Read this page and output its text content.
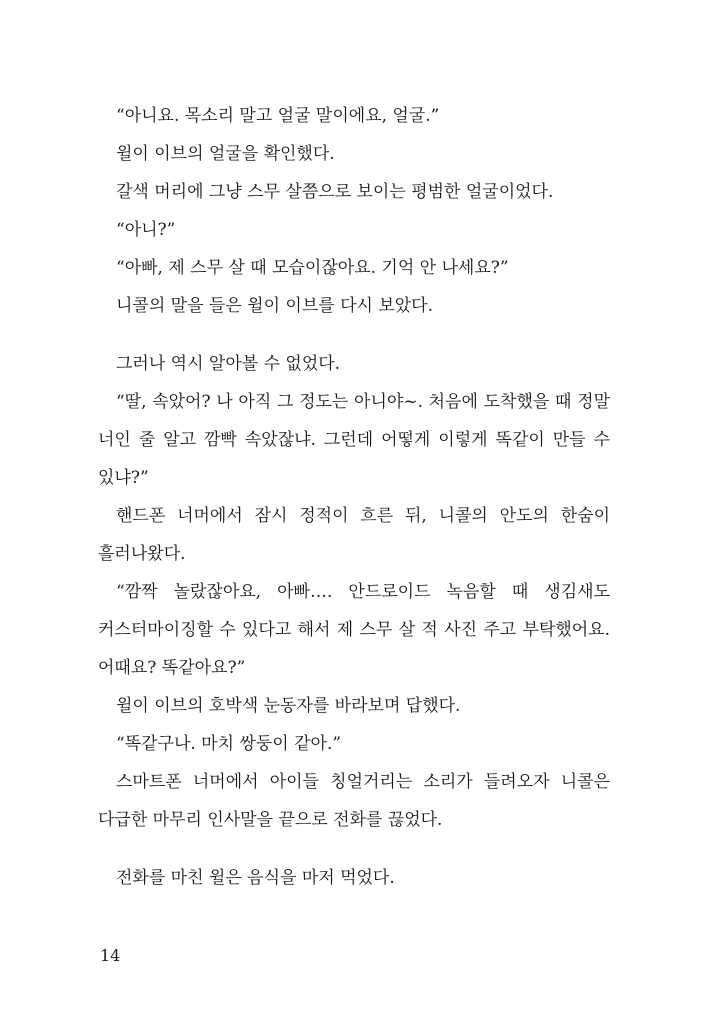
“아니요. 목소리 말고 얼굴 말이에요, 얼굴.”

윌이 이브의 얼굴을 확인했다.

갈색 머리에 그냥 스무 살쯤으로 보이는 평범한 얼굴이었다.

“아니?”

“아빠, 제 스무 살 때 모습이잖아요. 기억 안 나세요?”

니콜의 말을 들은 윌이 이브를 다시 보았다.

그러나 역시 알아볼 수 없었다.

“딸, 속았어? 나 아직 그 정도는 아니야~. 처음에 도착했을 때 정말 너인 줄 알고 깜빡 속았잖냐. 그런데 어떻게 이렇게 똑같이 만들 수 있냐?”

핸드폰 너머에서 잠시 정적이 흐른 뒤, 니콜의 안도의 한숨이 흘러나왔다.

“깜짝 놀랐잖아요, 아빠…. 안드로이드 녹음할 때 생김새도 커스터마이징할 수 있다고 해서 제 스무 살 적 사진 주고 부탁했어요. 어때요? 똑같아요?”

윌이 이브의 호박색 눈동자를 바라보며 답했다.

“똑같구나. 마치 쌍둥이 같아.”

스마트폰 너머에서 아이들 칭얼거리는 소리가 들려오자 니콜은 다급한 마무리 인사말을 끝으로 전화를 끊었다.

전화를 마친 윌은 음식을 마저 먹었다.

14
